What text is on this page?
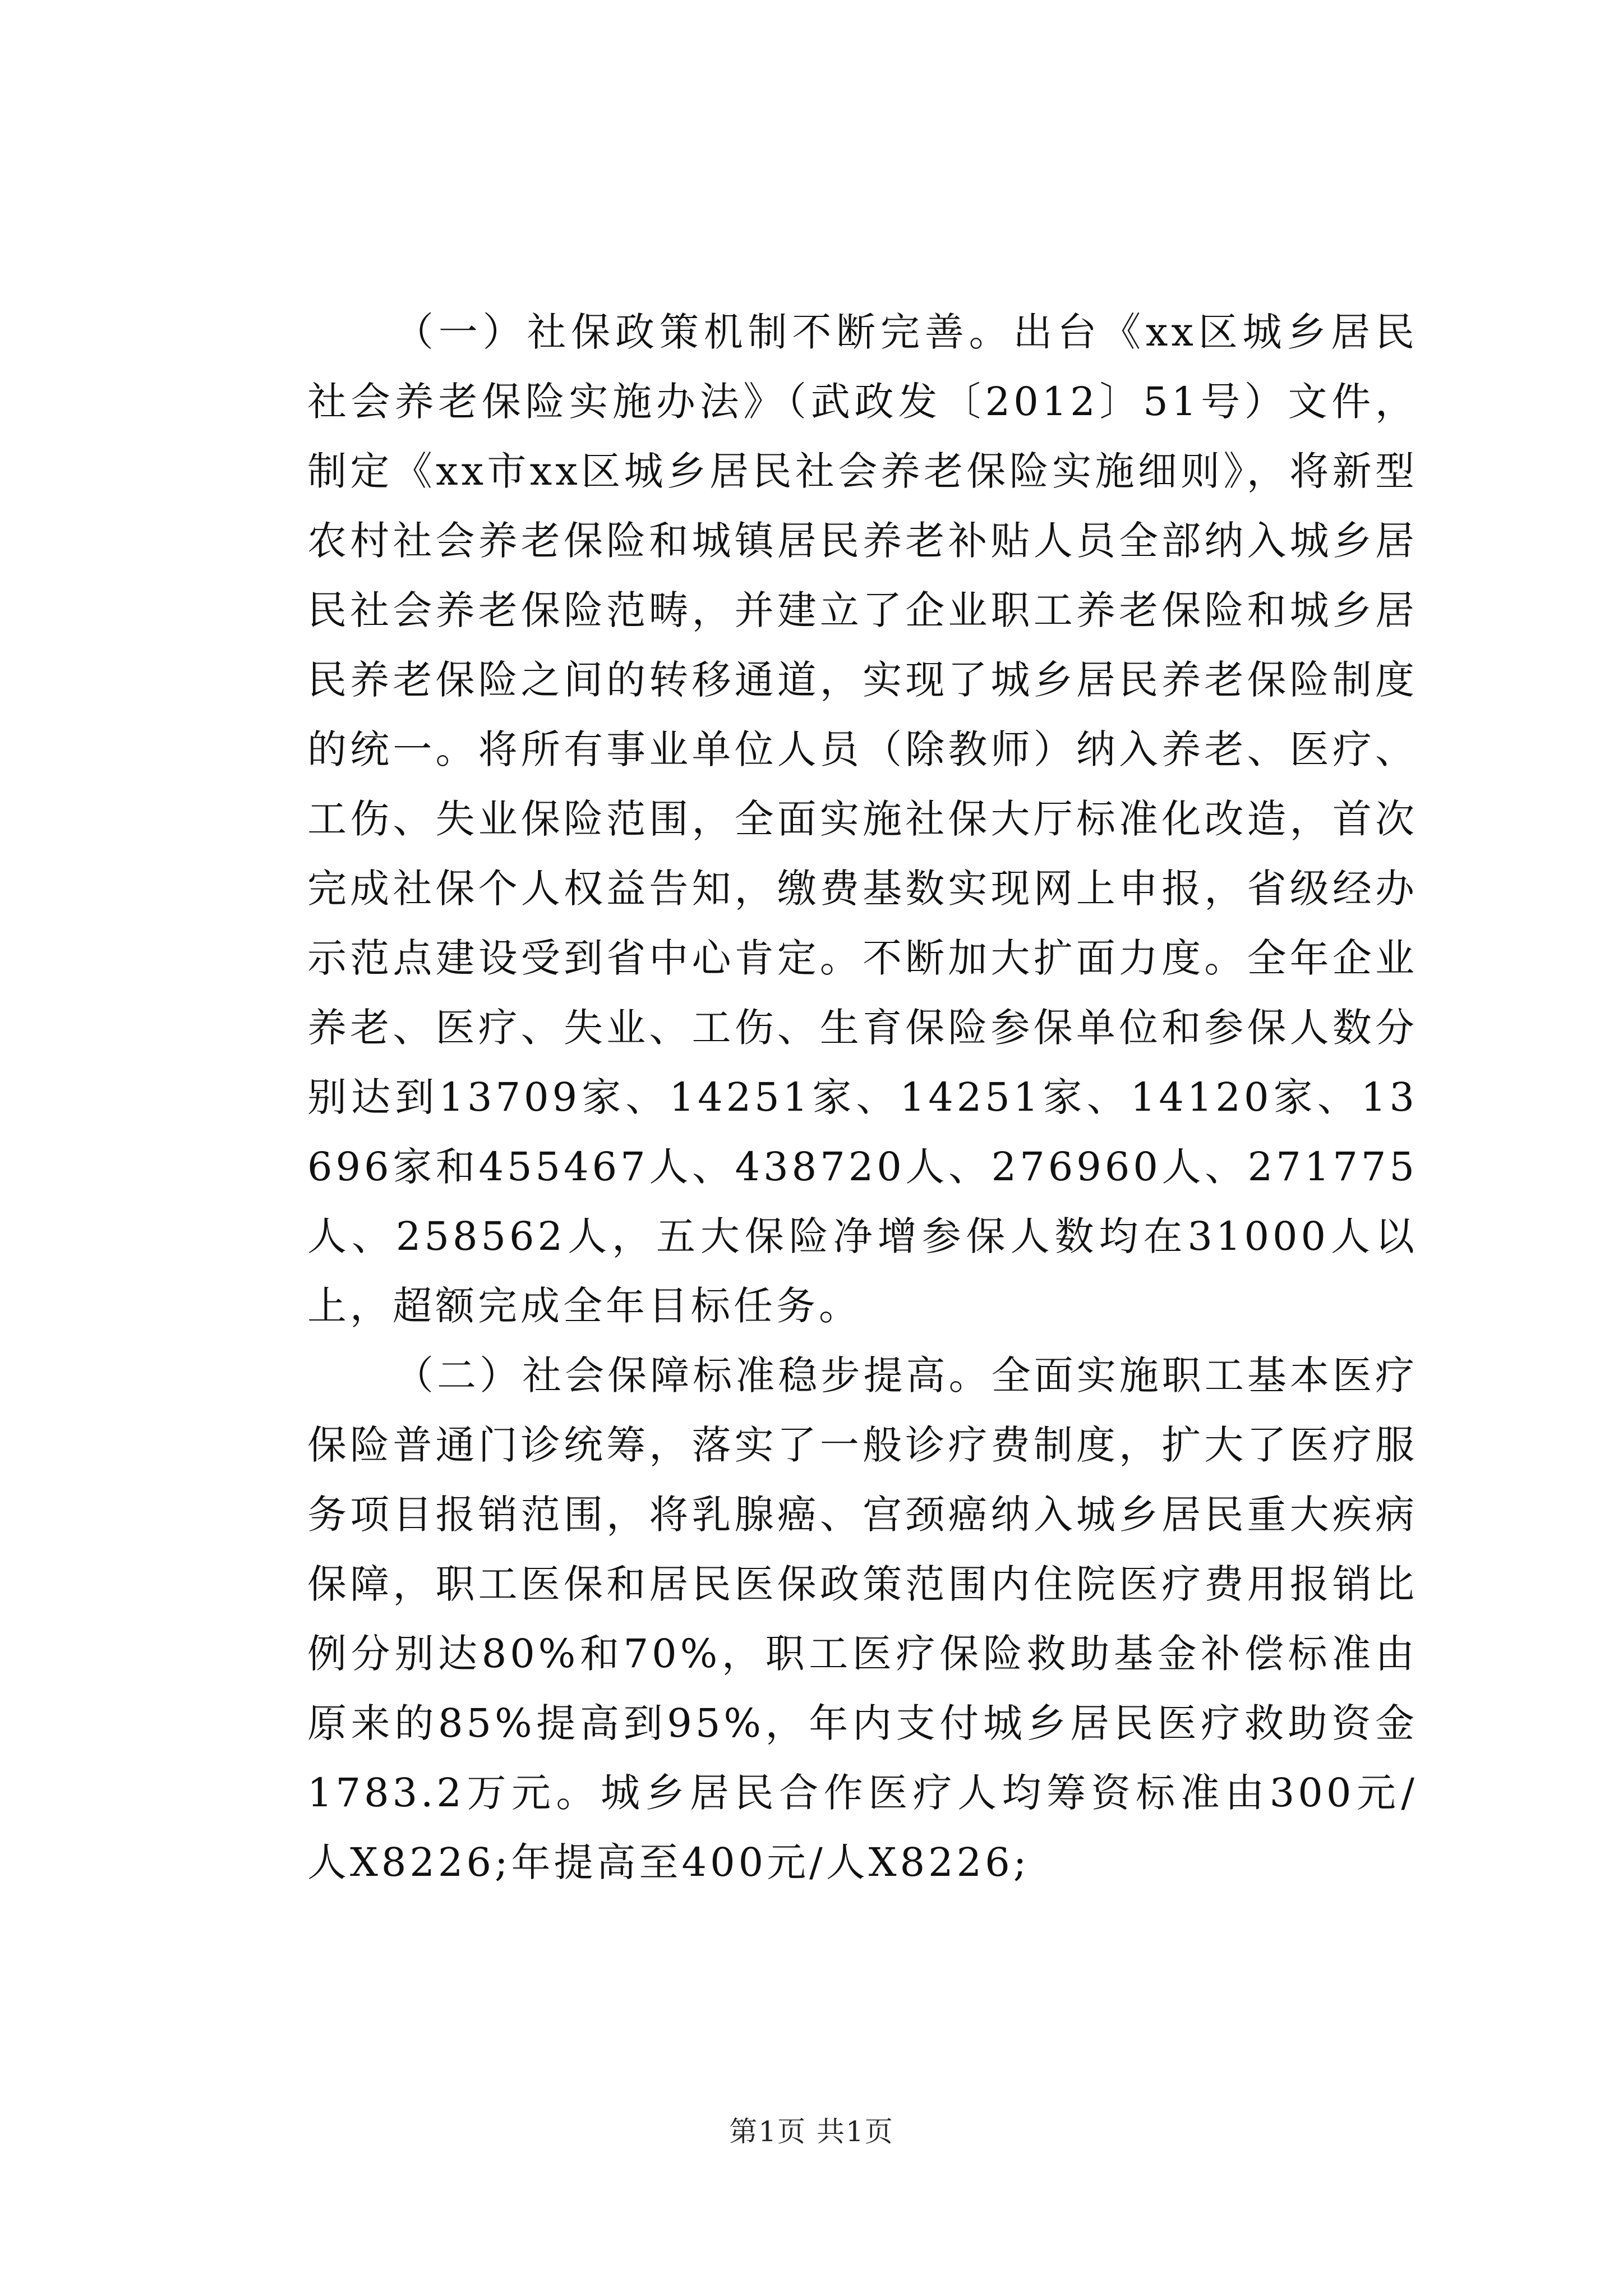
（一）社保政策机制不断完善。出台《xx区城乡居民社会养老保险实施办法》（武政发〔2012〕51号）文件，制定《xx市xx区城乡居民社会养老保险实施细则》，将新型农村社会养老保险和城镇居民养老补贴人员全部纳入城乡居民社会养老保险范畴，并建立了企业职工养老保险和城乡居民养老保险之间的转移通道，实现了城乡居民养老保险制度的统一。将所有事业单位人员（除教师）纳入养老、医疗、工伤、失业保险范围，全面实施社保大厅标准化改造，首次完成社保个人权益告知，缴费基数实现网上申报，省级经办示范点建设受到省中心肯定。不断加大扩面力度。全年企业养老、医疗、失业、工伤、生育保险参保单位和参保人数分别达到13709家、14251家、14251家、14120家、13696家和455467人、438720人、276960人、271775人、258562人，五大保险净增参保人数均在31000人以上，超额完成全年目标任务。

（二）社会保障标准稳步提高。全面实施职工基本医疗保险普通门诊统筹，落实了一般诊疗费制度，扩大了医疗服务项目报销范围，将乳腺癌、宫颈癌纳入城乡居民重大疾病保障，职工医保和居民医保政策范围内住院医疗费用报销比例分别达80%和70%，职工医疗保险救助基金补偿标准由原来的85%提高到95%，年内支付城乡居民医疗救助资金1783.2万元。城乡居民合作医疗人均筹资标准由300元/人X8226;年提高至400元/人X8226;

第1页 共1页
